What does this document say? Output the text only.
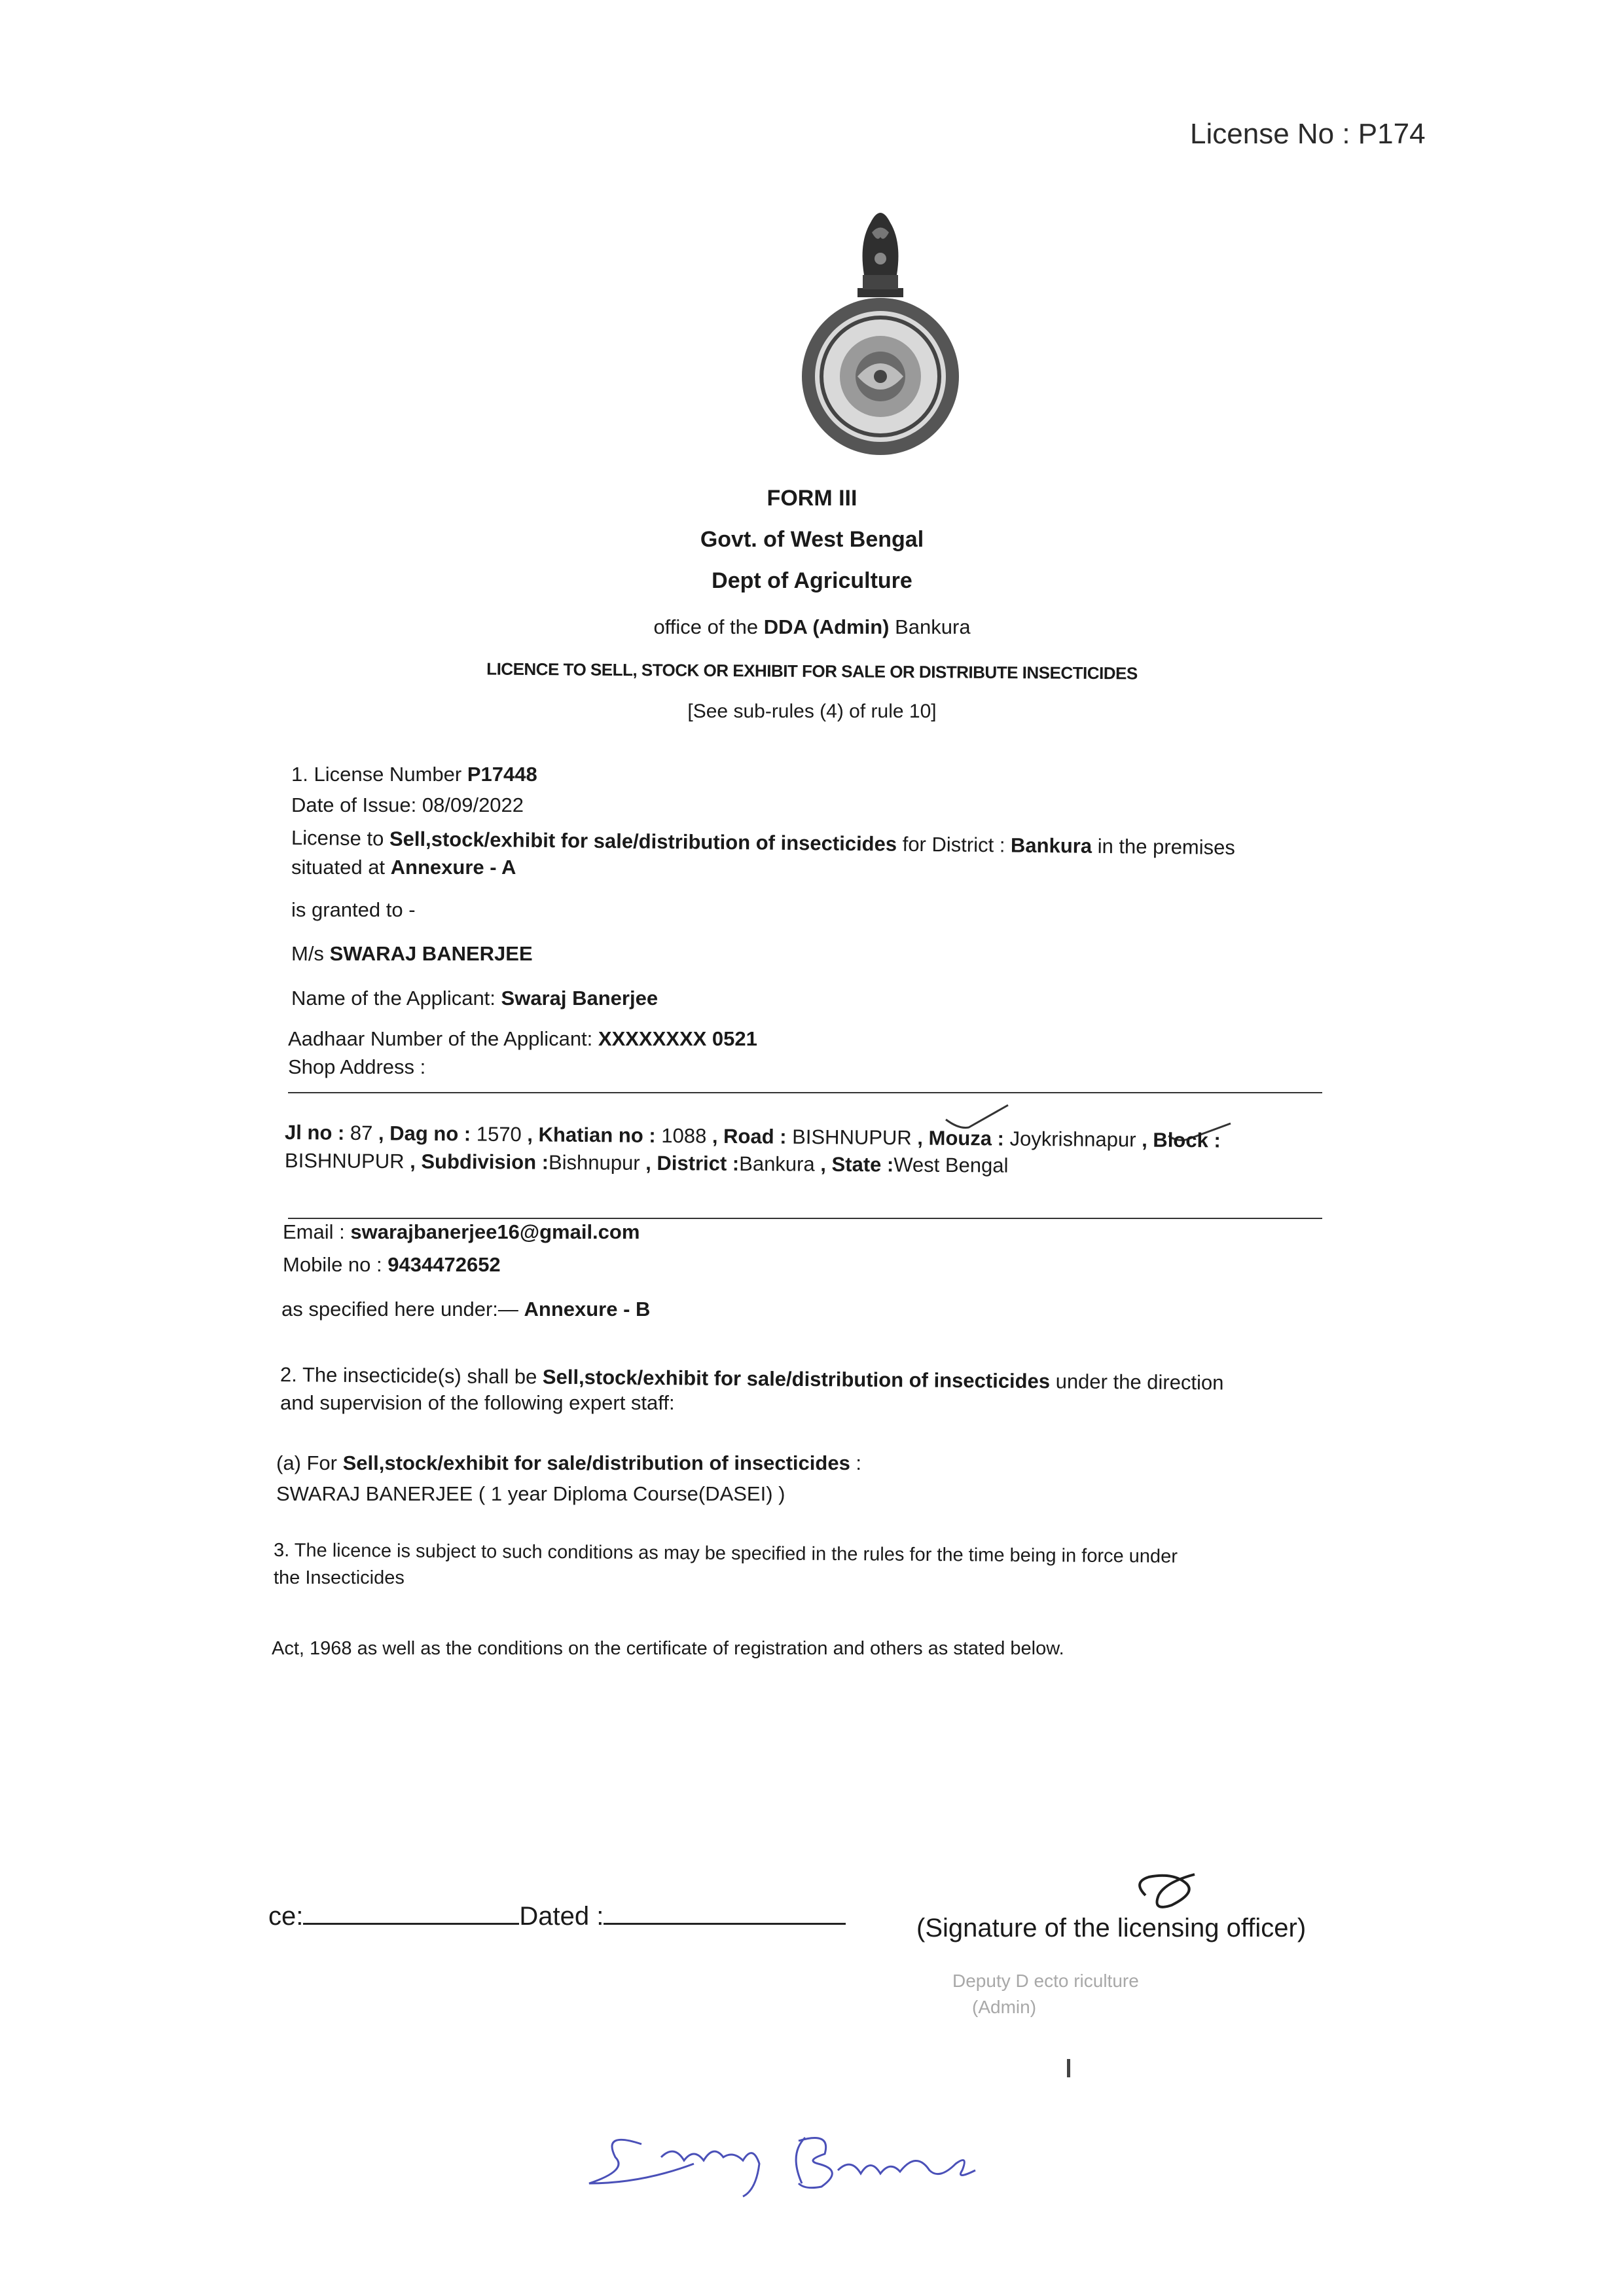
License No : P174
FORM III
Govt. of West Bengal
Dept of Agriculture
office of the DDA (Admin) Bankura
LICENCE TO SELL, STOCK OR EXHIBIT FOR SALE OR DISTRIBUTE INSECTICIDES
[See sub-rules (4) of rule 10]
1. License Number P17448
Date of Issue: 08/09/2022
License to Sell,stock/exhibit for sale/distribution of insecticides for District : Bankura in the premises
situated at Annexure - A
is granted to -
M/s SWARAJ BANERJEE
Name of the Applicant: Swaraj Banerjee
Aadhaar Number of the Applicant: XXXXXXXX 0521
Shop Address :
Jl no : 87 , Dag no : 1570 , Khatian no : 1088 , Road : BISHNUPUR , Mouza : Joykrishnapur , Block :
BISHNUPUR , Subdivision :Bishnupur , District :Bankura , State :West Bengal
Email : swarajbanerjee16@gmail.com
Mobile no : 9434472652
as specified here under:— Annexure - B
2. The insecticide(s) shall be Sell,stock/exhibit for sale/distribution of insecticides under the direction
and supervision of the following expert staff:
(a) For Sell,stock/exhibit for sale/distribution of insecticides :
SWARAJ BANERJEE ( 1 year Diploma Course(DASEI) )
3. The licence is subject to such conditions as may be specified in the rules for the time being in force under
the Insecticides
Act, 1968 as well as the conditions on the certificate of registration and others as stated below.
ce:	Dated :	(Signature of the licensing officer)
Deputy D ecto riculture
(Admin)
